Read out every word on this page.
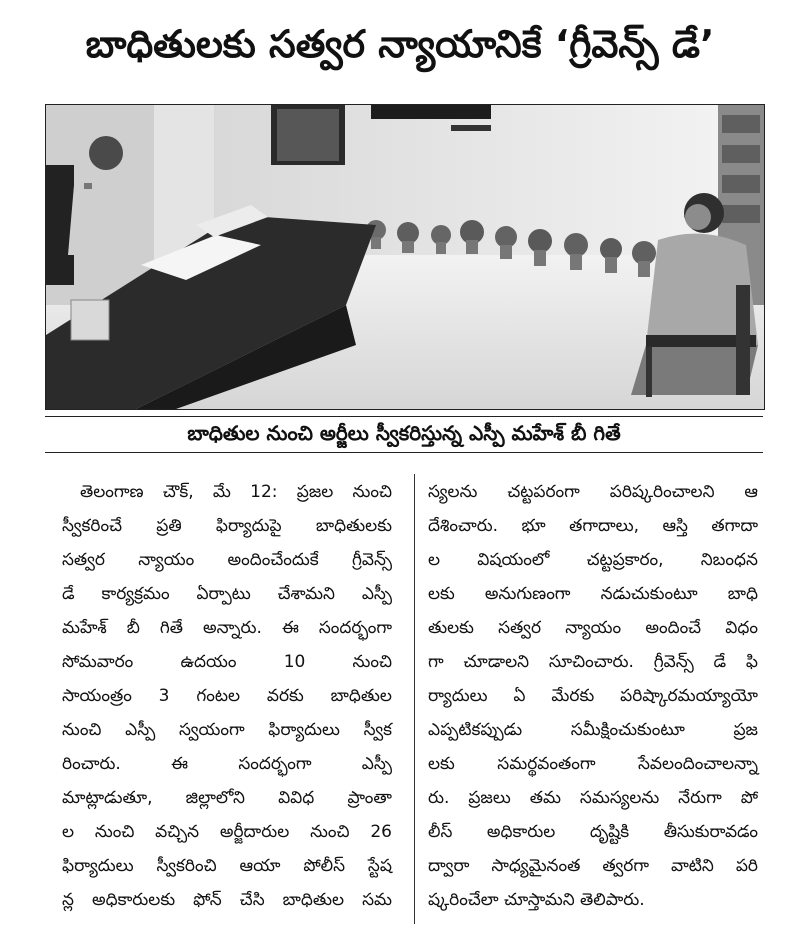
బాధితులకు సత్వర న్యాయానికే ‘గ్రీవెన్స్ డే’
బాధితుల నుంచి అర్జీలు స్వీకరిస్తున్న ఎస్పీ మహేశ్ బీ గితే
తెలంగాణ చౌక్, మే 12: ప్రజల నుంచి
స్వీకరించే ప్రతి ఫిర్యాదుపై బాధితులకు
సత్వర న్యాయం అందించేందుకే గ్రీవెన్స్
డే కార్యక్రమం ఏర్పాటు చేశామని ఎస్పీ
మహేశ్ బీ గితే అన్నారు. ఈ సందర్భంగా
సోమవారం ఉదయం 10 నుంచి
సాయంత్రం 3 గంటల వరకు బాధితుల
నుంచి ఎస్పీ స్వయంగా ఫిర్యాదులు స్వీక
రించారు. ఈ సందర్భంగా ఎస్పీ
మాట్లాడుతూ, జిల్లాలోని వివిధ ప్రాంతా
ల నుంచి వచ్చిన అర్జీదారుల నుంచి 26
ఫిర్యాదులు స్వీకరించి ఆయా పోలీస్ స్టేష
న్ల అధికారులకు ఫోన్ చేసి బాధితుల సమ
స్యలను చట్టపరంగా పరిష్కరించాలని ఆ
దేశించారు. భూ తగాదాలు, ఆస్తి తగాదా
ల విషయంలో చట్టప్రకారం, నిబంధన
లకు అనుగుణంగా నడుచుకుంటూ బాధి
తులకు సత్వర న్యాయం అందించే విధం
గా చూడాలని సూచించారు. గ్రీవెన్స్ డే ఫి
ర్యాదులు ఏ మేరకు పరిష్కారమయ్యాయో
ఎప్పటికప్పుడు సమీక్షించుకుంటూ ప్రజ
లకు సమర్థవంతంగా సేవలందించాలన్నా
రు. ప్రజలు తమ సమస్యలను నేరుగా పో
లీస్ అధికారుల దృష్టికి తీసుకురావడం
ద్వారా సాధ్యమైనంత త్వరగా వాటిని పరి
ష్కరించేలా చూస్తామని తెలిపారు.
